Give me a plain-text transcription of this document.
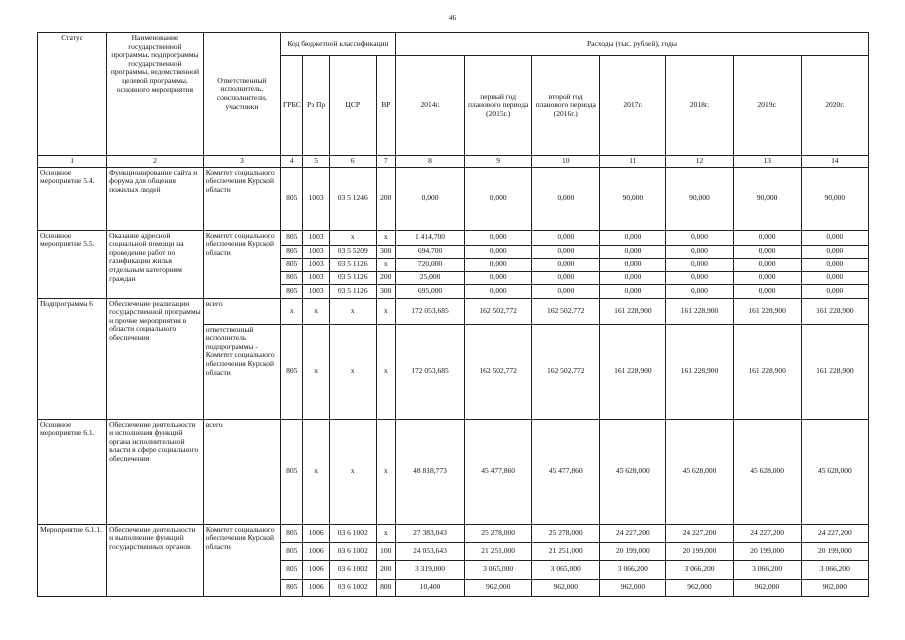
46
Статус	Наименование государственной программы, подпрограммы государственной программы, ведомственной целевой программы, основного мероприятия	Ответственный исполнитель, соисполнители, участники	Код бюджетной классификации				Расходы (тыс. рублей), годы						
			ГРБС	Рз Пр	ЦСР	ВР	2014г.	первый год планового периода (2015г.)	второй год планового периода (2016г.)	2017г.	2018г.	2019г.	2020г.
1	2	3	4	5	6	7	8	9	10	11	12	13	14
Основное мероприятие 5.4.	Функционирование сайта и форума для общения пожилых людей	Комитет социального обеспечения Курской области	805	1003	03 5 1246	200	0,000	0,000	0,000	90,000	90,000	90,000	90,000
Основное мероприятие 5.5.	Оказание адресной социальной помощи на проведение работ по газификации жилья отдельным категориям граждан	Комитет социального обеспечения Курской области	805	1003	x	x	1 414,700	0,000	0,000	0,000	0,000	0,000	0,000
			805	1003	03 5 5209	300	694,700	0,000	0,000	0,000	0,000	0,000	0,000
			805	1003	03 5 1126	x	720,000	0,000	0,000	0,000	0,000	0,000	0,000
			805	1003	03 5 1126	200	25,000	0,000	0,000	0,000	0,000	0,000	0,000
			805	1003	03 5 1126	300	695,000	0,000	0,000	0,000	0,000	0,000	0,000
Подпрограмма 6	Обеспечение реализации государственной программы и прочие мероприятия в области социального обеспечения	всего	x	x	x	x	172 053,685	162 502,772	162 502,772	161 228,900	161 228,900	161 228,900	161 228,900
		ответственный исполнитель подпрограммы - Комитет социального обеспечения Курской области	805	x	x	x	172 053,685	162 502,772	162 502,772	161 228,900	161 228,900	161 228,900	161 228,900
Основное мероприятие 6.1.	Обеспечение деятельности и исполнения функций органа исполнительной власти в сфере социального обеспечения	всего	805	x	x	x	48 818,773	45 477,860	45 477,860	45 628,000	45 628,000	45 628,000	45 628,000
Мероприятие 6.1.1.	Обеспечение деятельности и выполнение функций государственных органов	Комитет социального обеспечения Курской области	805	1006	03 6 1002	x	27 383,043	25 278,000	25 278,000	24 227,200	24 227,200	24 227,200	24 227,200
			805	1006	03 6 1002	100	24 053,643	21 251,000	21 251,000	20 199,000	20 199,000	20 199,000	20 199,000
			805	1006	03 6 1002	200	3 319,000	3 065,000	3 065,000	3 066,200	3 066,200	3 066,200	3 066,200
			805	1006	03 6 1002	800	10,400	962,000	962,000	962,000	962,000	962,000	962,000
